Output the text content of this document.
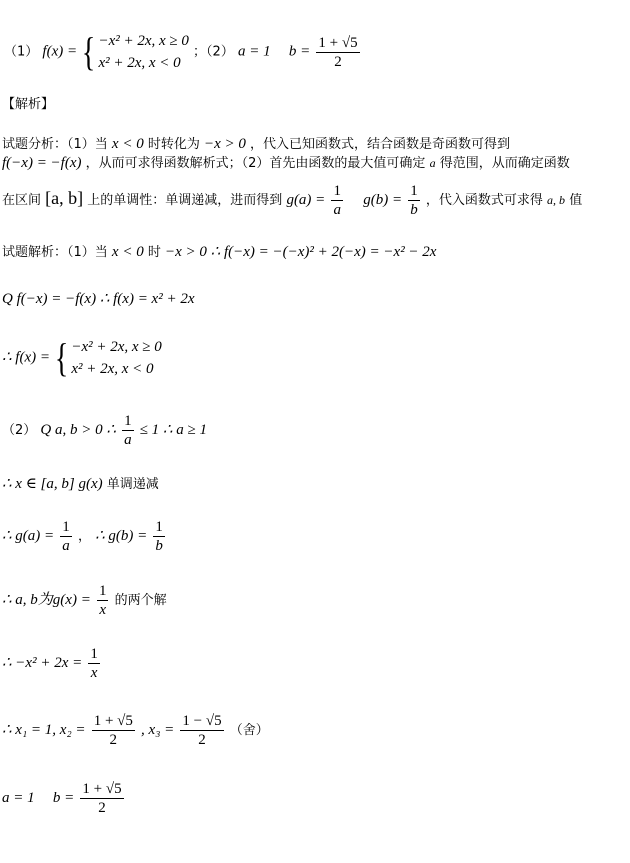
（1） f(x) = { −x² + 2x, x ≥ 0
x² + 2x, x < 0
；（2） a = 1 $b = \frac{1 + √5}{2}$
【解析】
试题分析：（1）当 x < 0 时转化为 −x > 0 ，代入已知函数式，结合函数是奇函数可得到
f(−x) = −f(x) ，从而可求得函数解析式；（2）首先由函数的最大值可确定 a 得范围，从而确定函数
在区间 [a, b] 上的单调性：单调递减，进而得到 $g(a) = \frac{1}{a} g(b) = \frac{1}{b}$ ，代入函数式可求得 a, b 值
试题解析：（1）当 x < 0 时 −x > 0 ∴ f(−x) = −(−x)² + 2(−x) = −x² − 2x
Q f(−x) = −f(x) ∴ f(x) = x² + 2x
∴ f(x) = { −x² + 2x, x ≥ 0
x² + 2x, x < 0
（2） Q a, b > 0 ∴ $\frac{1}{a} \le 1$ ∴ a ≥ 1
∴ x ∈ [a, b] g(x) 单调递减
∴ $g(a) = \frac{1}{a}$ ， ∴ $g(b) = \frac{1}{b}$
∴ a, b为$g(x) = \frac{1}{x}$ 的两个解
∴ $-x^2 + 2x = \frac{1}{x}$
∴ x₁ = 1, $x_2 = \frac{1 + √5}{2}$ , $x_3 = \frac{1 - √5}{2}$ （舍）
a = 1 $b = \frac{1 + √5}{2}$
